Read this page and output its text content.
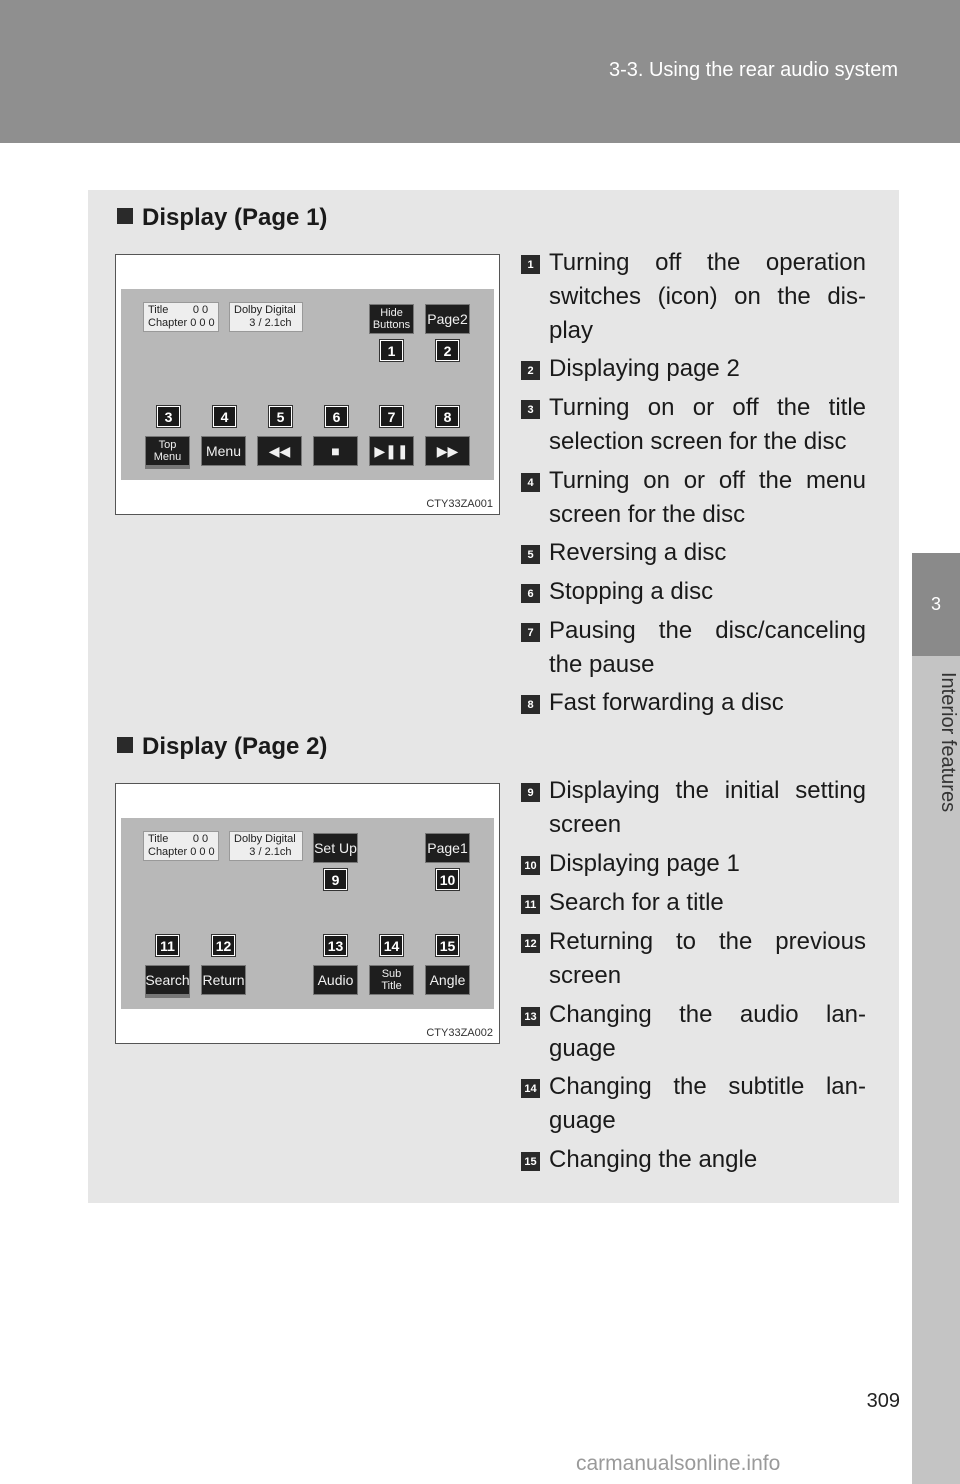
3-3. Using the rear audio system
3
Interior features
Display (Page 1)
Title        0 0
Chapter 0 0 0
Dolby Digital
3 / 2.1ch
Hide
Buttons Page2
1	2
3	4	5	6	7	8
Top
Menu	Menu	◀◀	■	▶❚❚	▶▶
CTY33ZA001
1 Turning off the operation switches (icon) on the dis-play
2 Displaying page 2
3 Turning on or off the title selection screen for the disc
4 Turning on or off the menu screen for the disc
5 Reversing a disc
6 Stopping a disc
7 Pausing the disc/canceling the pause
8 Fast forwarding a disc
Display (Page 2)
Title        0 0
Chapter 0 0 0
Dolby Digital
3 / 2.1ch	Set Up	Page1
9	10
11	12	13	14	15
Search Return	Audio	Sub
Title	Angle
CTY33ZA002
9 Displaying the initial setting screen
10 Displaying page 1
11 Search for a title
12 Returning to the previous screen
13 Changing the audio lan-guage
14 Changing the subtitle lan-guage
15 Changing the angle
309
carmanualsonline.info
